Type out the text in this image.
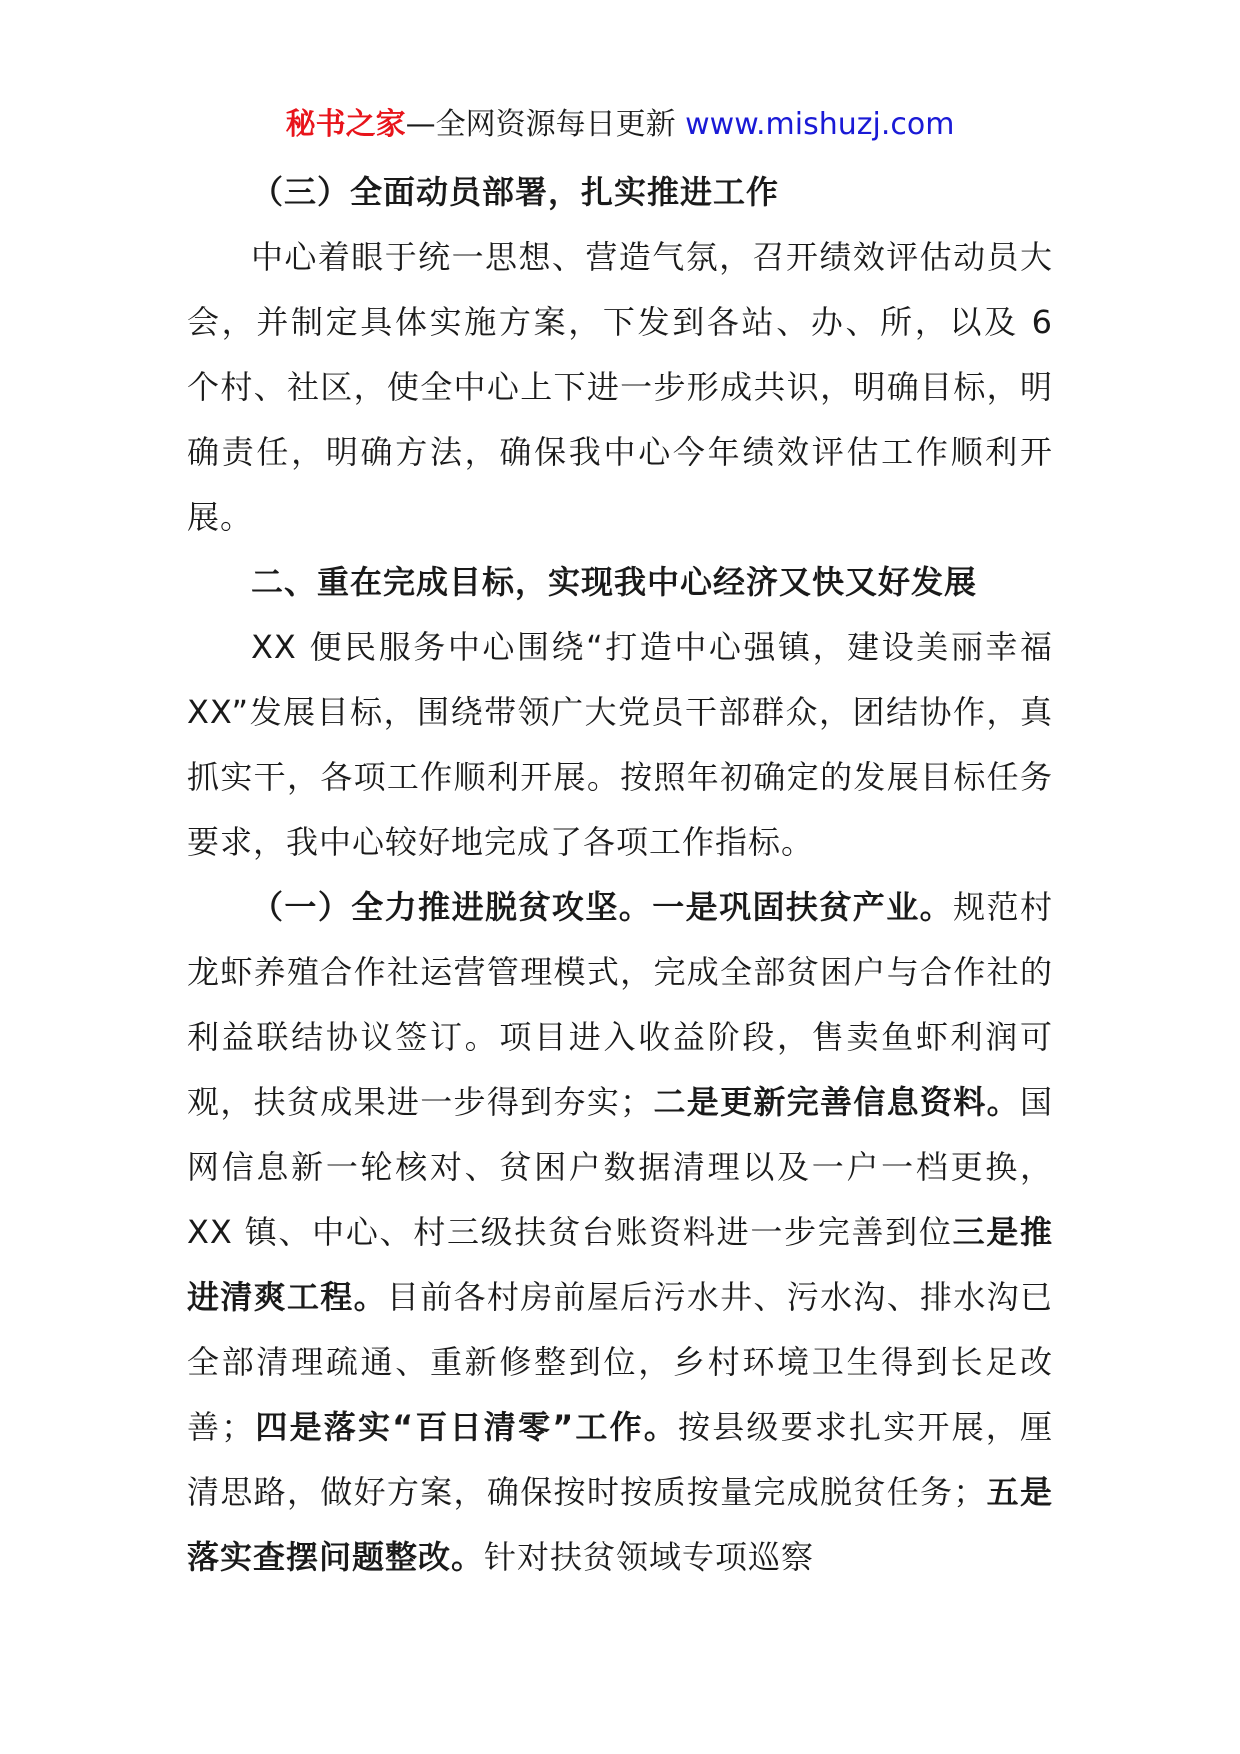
秘书之家—全网资源每日更新 www.mishuzj.com

（三）全面动员部署，扎实推进工作

中心着眼于统一思想、营造气氛，召开绩效评估动员大会，并制定具体实施方案，下发到各站、办、所，以及 6 个村、社区，使全中心上下进一步形成共识，明确目标，明确责任，明确方法，确保我中心今年绩效评估工作顺利开展。

二、重在完成目标，实现我中心经济又快又好发展

XX 便民服务中心围绕“打造中心强镇，建设美丽幸福 XX”发展目标，围绕带领广大党员干部群众，团结协作，真抓实干，各项工作顺利开展。按照年初确定的发展目标任务要求，我中心较好地完成了各项工作指标。

（一）全力推进脱贫攻坚。一是巩固扶贫产业。规范村龙虾养殖合作社运营管理模式，完成全部贫困户与合作社的利益联结协议签订。项目进入收益阶段，售卖鱼虾利润可观，扶贫成果进一步得到夯实；二是更新完善信息资料。国网信息新一轮核对、贫困户数据清理以及一户一档更换，XX 镇、中心、村三级扶贫台账资料进一步完善到位三是推进清爽工程。目前各村房前屋后污水井、污水沟、排水沟已全部清理疏通、重新修整到位，乡村环境卫生得到长足改善；四是落实“百日清零”工作。按县级要求扎实开展，厘清思路，做好方案，确保按时按质按量完成脱贫任务；五是落实查摆问题整改。针对扶贫领域专项巡察
